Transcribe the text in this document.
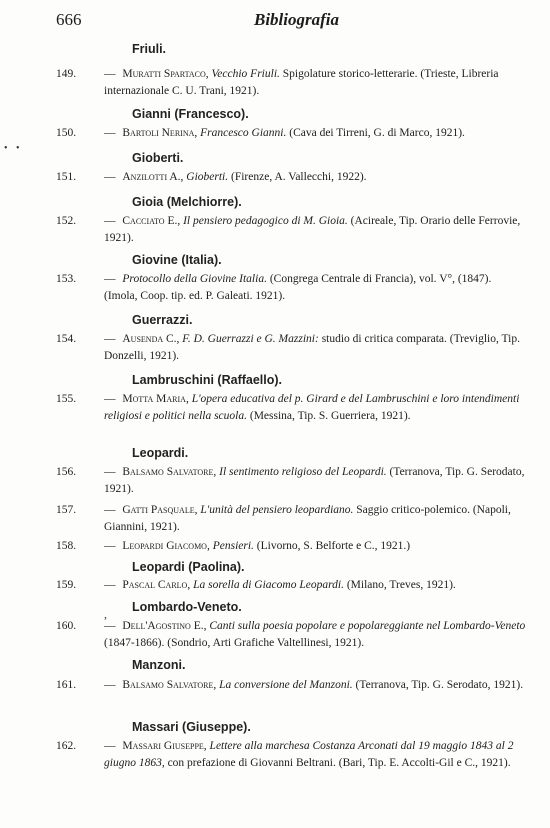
666	Bibliografia
• •
,
Friuli.
149.	— Muratti Spartaco, Vecchio Friuli. Spigolature storico-letterarie. (Trieste, Libreria internazionale C. U. Trani, 1921).
Gianni (Francesco).
150.	— Bartoli Nerina, Francesco Gianni. (Cava dei Tirreni, G. di Marco, 1921).
Gioberti.
151.	— Anzilotti A., Gioberti. (Firenze, A. Vallecchi, 1922).
Gioia (Melchiorre).
152.	— Cacciato E., Il pensiero pedagogico di M. Gioia. (Acireale, Tip. Orario delle Ferrovie, 1921).
Giovine (Italia).
153.	— Protocollo della Giovine Italia. (Congrega Centrale di Francia), vol. V°, (1847). (Imola, Coop. tip. ed. P. Galeati. 1921).
Guerrazzi.
154.	— Ausenda C., F. D. Guerrazzi e G. Mazzini: studio di critica comparata. (Treviglio, Tip. Donzelli, 1921).
Lambruschini (Raffaello).
155.	— Motta Maria, L'opera educativa del p. Girard e del Lambruschini e loro intendimenti religiosi e politici nella scuola. (Messina, Tip. S. Guerriera, 1921).
Leopardi.
156.	— Balsamo Salvatore, Il sentimento religioso del Leopardi. (Terranova, Tip. G. Serodato, 1921).
157.	— Gatti Pasquale, L'unità del pensiero leopardiano. Saggio critico-polemico. (Napoli, Giannini, 1921).
158.	— Leopardi Giacomo, Pensieri. (Livorno, S. Belforte e C., 1921.)
Leopardi (Paolina).
159.	— Pascal Carlo, La sorella di Giacomo Leopardi. (Milano, Treves, 1921).
Lombardo-Veneto.
160.	— Dell'Agostino E., Canti sulla poesia popolare e popolareggiante nel Lombardo-Veneto (1847-1866). (Sondrio, Arti Grafiche Valtellinesi, 1921).
Manzoni.
161.	— Balsamo Salvatore, La conversione del Manzoni. (Terranova, Tip. G. Serodato, 1921).
Massari (Giuseppe).
162.	— Massari Giuseppe, Lettere alla marchesa Costanza Arconati dal 19 maggio 1843 al 2 giugno 1863, con prefazione di Giovanni Beltrani. (Bari, Tip. E. Accolti-Gil e C., 1921).
